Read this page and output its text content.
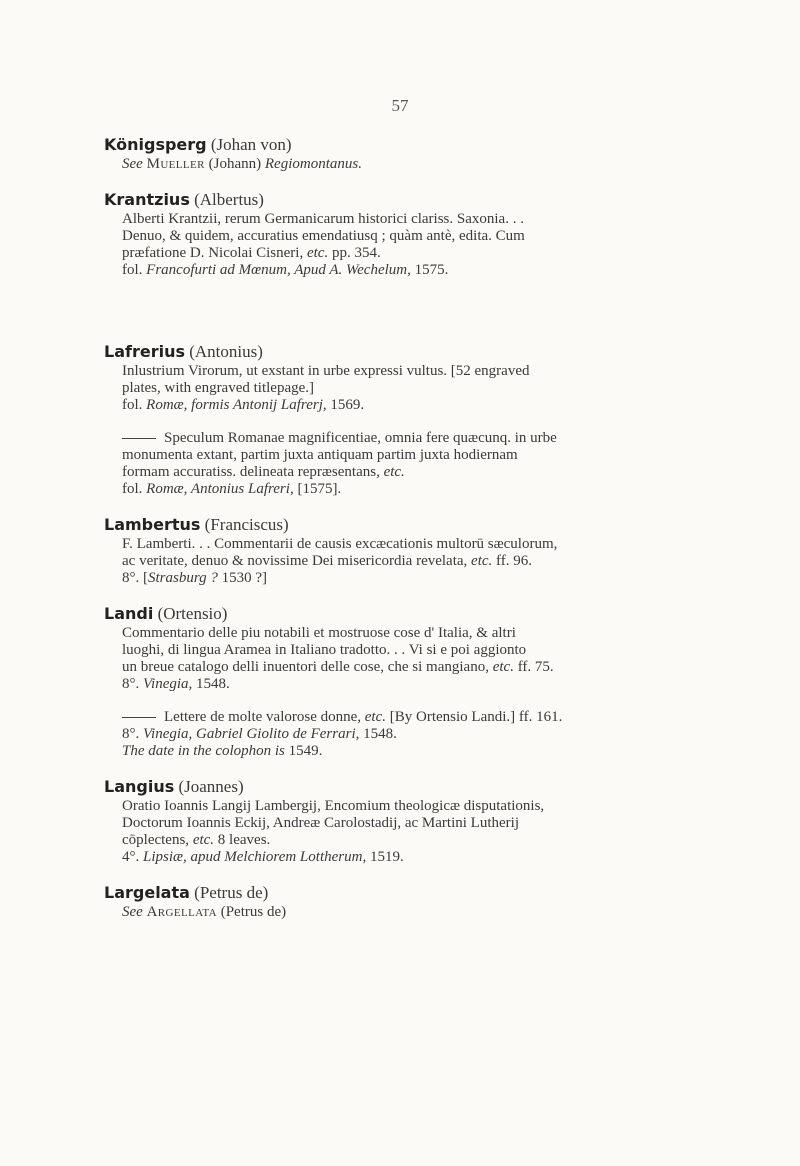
57
Königsperg (Johan von)
See Mueller (Johann) Regiomontanus.
Krantzius (Albertus)
Alberti Krantzii, rerum Germanicarum historici clariss. Saxonia. . .
Denuo, & quidem, accuratius emendatiusq ; quàm antè, edita. Cum
præfatione D. Nicolai Cisneri, etc. pp. 354.
fol. Francofurti ad Mœnum, Apud A. Wechelum, 1575.
Lafrerius (Antonius)
Inlustrium Virorum, ut exstant in urbe expressi vultus. [52 engraved
plates, with engraved titlepage.]
fol. Romæ, formis Antonij Lafrerj, 1569.
Speculum Romanae magnificentiae, omnia fere quæcunq. in urbe
monumenta extant, partim juxta antiquam partim juxta hodiernam
formam accuratiss. delineata repræsentans, etc.
fol. Romæ, Antonius Lafreri, [1575].
Lambertus (Franciscus)
F. Lamberti. . . Commentarii de causis excæcationis multorū sæculorum,
ac veritate, denuo & novissime Dei misericordia revelata, etc. ff. 96.
8°. [Strasburg ? 1530 ?]
Landi (Ortensio)
Commentario delle piu notabili et mostruose cose d' Italia, & altri
luoghi, di lingua Aramea in Italiano tradotto. . . Vi si e poi aggionto
un breue catalogo delli inuentori delle cose, che si mangiano, etc. ff. 75.
8°. Vinegia, 1548.
Lettere de molte valorose donne, etc. [By Ortensio Landi.] ff. 161.
8°. Vinegia, Gabriel Giolito de Ferrari, 1548.
The date in the colophon is 1549.
Langius (Joannes)
Oratio Ioannis Langij Lambergij, Encomium theologicæ disputationis,
Doctorum Ioannis Eckij, Andreæ Carolostadij, ac Martini Lutherij
cōplectens, etc. 8 leaves.
4°. Lipsiæ, apud Melchiorem Lottherum, 1519.
Largelata (Petrus de)
See Argellata (Petrus de)
